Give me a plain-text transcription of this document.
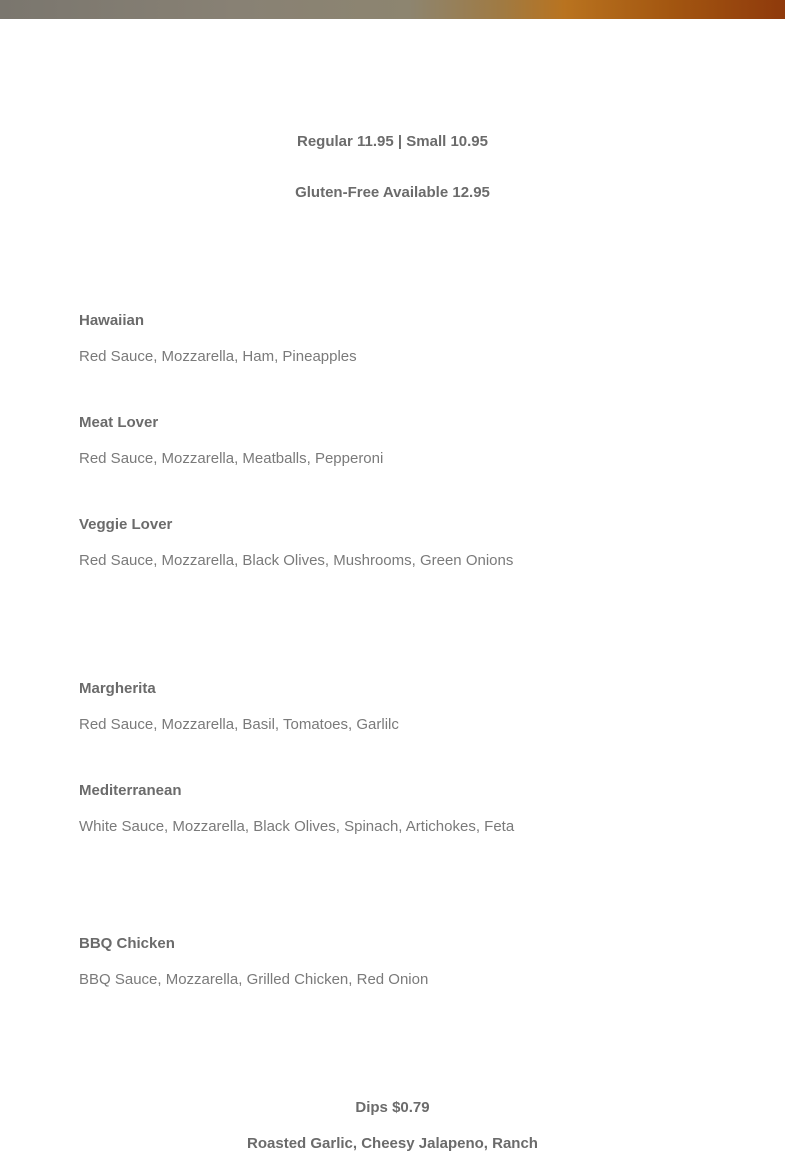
Regular 11.95 | Small 10.95
Gluten-Free Available 12.95
Hawaiian
Red Sauce, Mozzarella, Ham, Pineapples
Meat Lover
Red Sauce, Mozzarella, Meatballs, Pepperoni
Veggie Lover
Red Sauce, Mozzarella, Black Olives, Mushrooms, Green Onions
Margherita
Red Sauce, Mozzarella, Basil, Tomatoes, Garlilc
Mediterranean
White Sauce, Mozzarella, Black Olives, Spinach, Artichokes, Feta
BBQ Chicken
BBQ Sauce, Mozzarella, Grilled Chicken, Red Onion
Dips $0.79
Roasted Garlic, Cheesy Jalapeno, Ranch
